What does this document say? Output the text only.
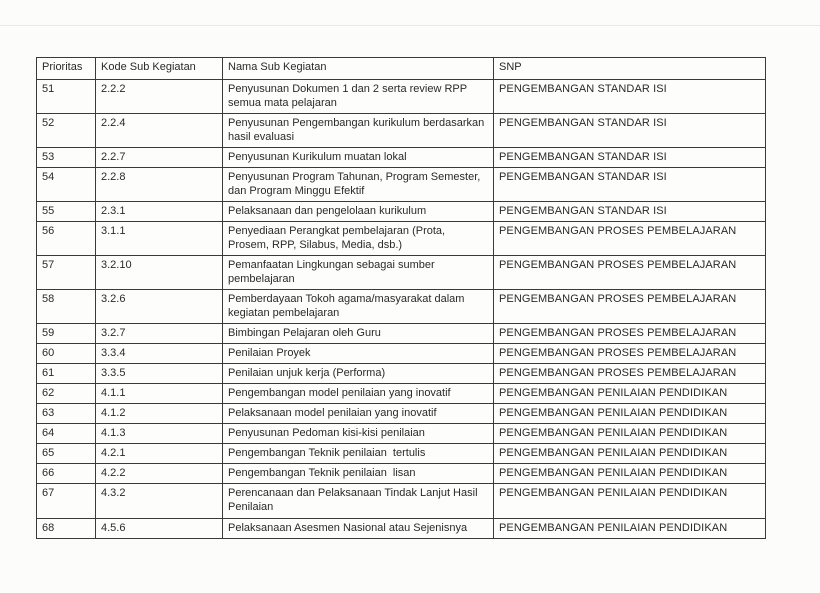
Prioritas	Kode Sub Kegiatan	Nama Sub Kegiatan	SNP
51	2.2.2	Penyusunan Dokumen 1 dan 2 serta review RPP semua mata pelajaran	PENGEMBANGAN STANDAR ISI
52	2.2.4	Penyusunan Pengembangan kurikulum berdasarkan hasil evaluasi	PENGEMBANGAN STANDAR ISI
53	2.2.7	Penyusunan Kurikulum muatan lokal	PENGEMBANGAN STANDAR ISI
54	2.2.8	Penyusunan Program Tahunan, Program Semester, dan Program Minggu Efektif	PENGEMBANGAN STANDAR ISI
55	2.3.1	Pelaksanaan dan pengelolaan kurikulum	PENGEMBANGAN STANDAR ISI
56	3.1.1	Penyediaan Perangkat pembelajaran (Prota, Prosem, RPP, Silabus, Media, dsb.)	PENGEMBANGAN PROSES PEMBELAJARAN
57	3.2.10	Pemanfaatan Lingkungan sebagai sumber pembelajaran	PENGEMBANGAN PROSES PEMBELAJARAN
58	3.2.6	Pemberdayaan Tokoh agama/masyarakat dalam kegiatan pembelajaran	PENGEMBANGAN PROSES PEMBELAJARAN
59	3.2.7	Bimbingan Pelajaran oleh Guru	PENGEMBANGAN PROSES PEMBELAJARAN
60	3.3.4	Penilaian Proyek	PENGEMBANGAN PROSES PEMBELAJARAN
61	3.3.5	Penilaian unjuk kerja (Performa)	PENGEMBANGAN PROSES PEMBELAJARAN
62	4.1.1	Pengembangan model penilaian yang inovatif	PENGEMBANGAN PENILAIAN PENDIDIKAN
63	4.1.2	Pelaksanaan model penilaian yang inovatif	PENGEMBANGAN PENILAIAN PENDIDIKAN
64	4.1.3	Penyusunan Pedoman kisi-kisi penilaian	PENGEMBANGAN PENILAIAN PENDIDIKAN
65	4.2.1	Pengembangan Teknik penilaian  tertulis	PENGEMBANGAN PENILAIAN PENDIDIKAN
66	4.2.2	Pengembangan Teknik penilaian  lisan	PENGEMBANGAN PENILAIAN PENDIDIKAN
67	4.3.2	Perencanaan dan Pelaksanaan Tindak Lanjut Hasil Penilaian	PENGEMBANGAN PENILAIAN PENDIDIKAN
68	4.5.6	Pelaksanaan Asesmen Nasional atau Sejenisnya	PENGEMBANGAN PENILAIAN PENDIDIKAN
